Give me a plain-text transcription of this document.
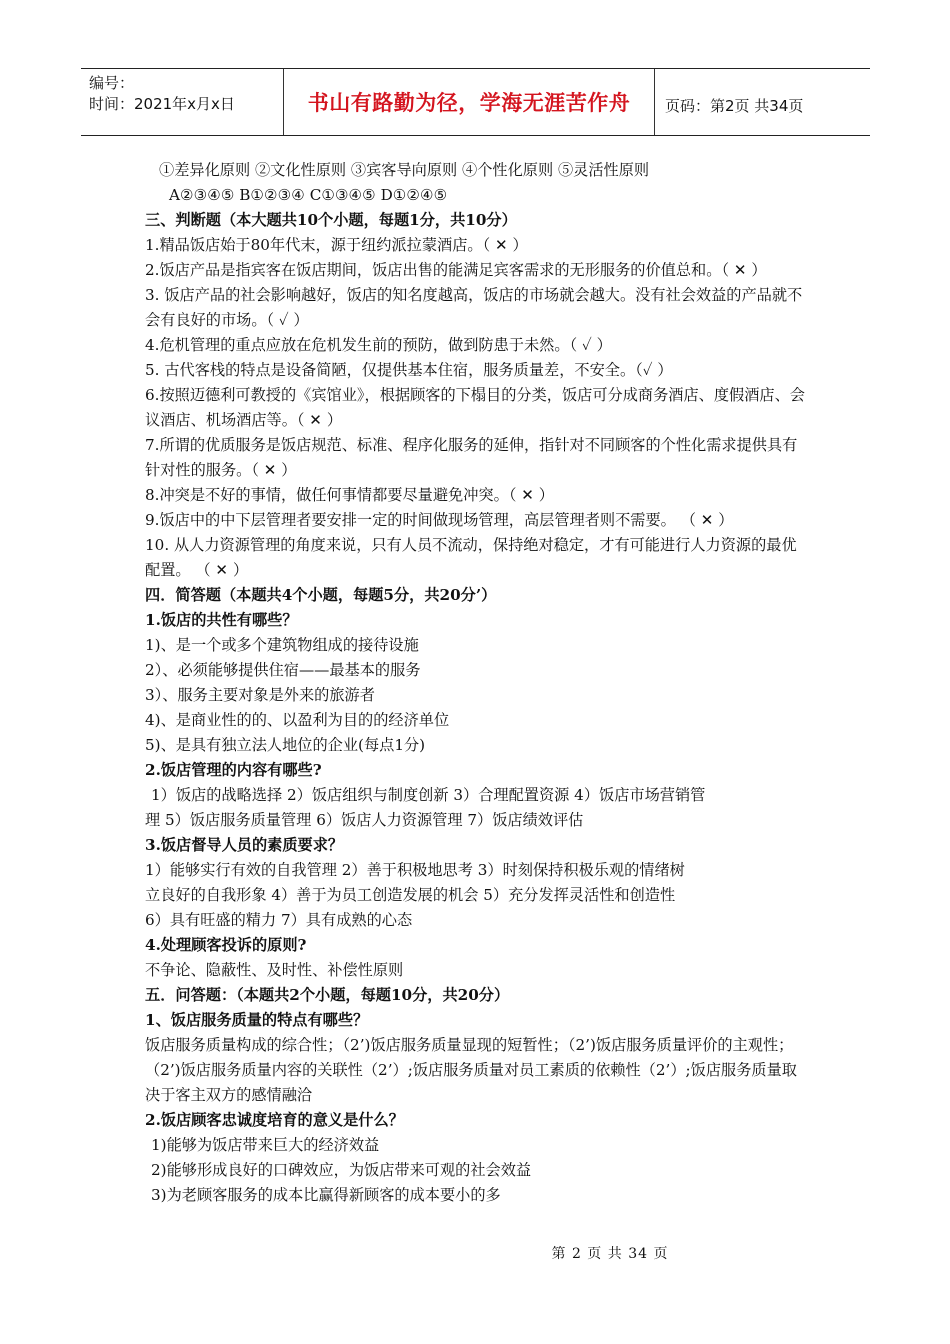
编号：
时间：2021年x月x日	书山有路勤为径，学海无涯苦作舟	页码：第2页 共34页
①差异化原则 ②文化性原则 ③宾客导向原则 ④个性化原则 ⑤灵活性原则
A②③④⑤ B①②③④ C①③④⑤ D①②④⑤
三、判断题（本大题共10个小题，每题1分，共10分）
1.精品饭店始于80年代末，源于纽约派拉蒙酒店。（ ✕ ）
2.饭店产品是指宾客在饭店期间，饭店出售的能满足宾客需求的无形服务的价值总和。（ ✕ ）
3. 饭店产品的社会影响越好，饭店的知名度越高，饭店的市场就会越大。没有社会效益的产品就不会有良好的市场。（ ✓ ）
4.危机管理的重点应放在危机发生前的预防，做到防患于未然。（ ✓ ）
5. 古代客栈的特点是设备简陋，仅提供基本住宿，服务质量差，不安全。（✓ ）
6.按照迈德利可教授的《宾馆业》，根据顾客的下榻目的分类，饭店可分成商务酒店、度假酒店、会议酒店、机场酒店等。（ ✕ ）
7.所谓的优质服务是饭店规范、标准、程序化服务的延伸，指针对不同顾客的个性化需求提供具有针对性的服务。（ ✕ ）
8.冲突是不好的事情，做任何事情都要尽量避免冲突。（ ✕ ）
9.饭店中的中下层管理者要安排一定的时间做现场管理，高层管理者则不需要。 （ ✕ ）
10. 从人力资源管理的角度来说，只有人员不流动，保持绝对稳定，才有可能进行人力资源的最优配置。 （ ✕ ）
四．简答题（本题共4个小题，每题5分，共20分’）
1.饭店的共性有哪些？
1)、是一个或多个建筑物组成的接待设施
2）、必须能够提供住宿——最基本的服务
3）、服务主要对象是外来的旅游者
4)、是商业性的的、以盈利为目的的经济单位
5)、是具有独立法人地位的企业(每点1分)
2.饭店管理的内容有哪些?
1）饭店的战略选择 2）饭店组织与制度创新 3）合理配置资源 4）饭店市场营销管
理 5）饭店服务质量管理 6）饭店人力资源管理 7）饭店绩效评估
3.饭店督导人员的素质要求？
1）能够实行有效的自我管理 2）善于积极地思考 3）时刻保持积极乐观的情绪树
立良好的自我形象 4）善于为员工创造发展的机会 5）充分发挥灵活性和创造性
6）具有旺盛的精力 7）具有成熟的心态
4.处理顾客投诉的原则?
不争论、隐蔽性、及时性、补偿性原则
五．问答题：（本题共2个小题，每题10分，共20分）
1、饭店服务质量的特点有哪些？
饭店服务质量构成的综合性；（2’)饭店服务质量显现的短暂性；（2’)饭店服务质量评价的主观性；（2’)饭店服务质量内容的关联性（2’）;饭店服务质量对员工素质的依赖性（2’）;饭店服务质量取决于客主双方的感情融洽
2.饭店顾客忠诚度培育的意义是什么？
1)能够为饭店带来巨大的经济效益
2)能够形成良好的口碑效应，为饭店带来可观的社会效益
3)为老顾客服务的成本比赢得新顾客的成本要小的多
第 2 页 共 34 页
